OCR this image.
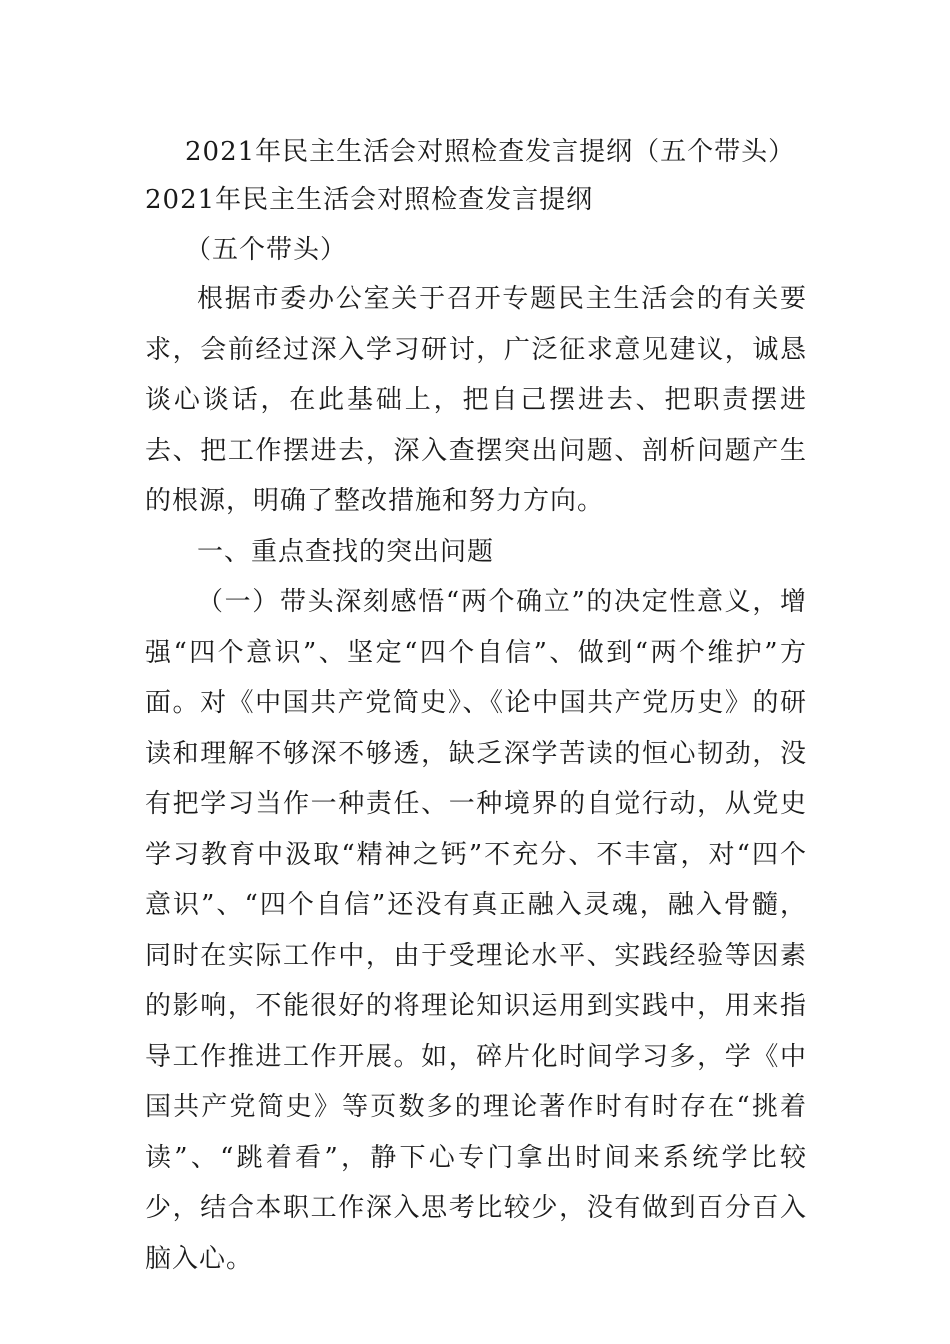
2021年民主生活会对照检查发言提纲（五个带头）

2021年民主生活会对照检查发言提纲

（五个带头）

根据市委办公室关于召开专题民主生活会的有关要求，会前经过深入学习研讨，广泛征求意见建议，诚恳谈心谈话，在此基础上，把自己摆进去、把职责摆进去、把工作摆进去，深入查摆突出问题、剖析问题产生的根源，明确了整改措施和努力方向。

一、重点查找的突出问题

（一）带头深刻感悟“两个确立”的决定性意义，增强“四个意识”、坚定“四个自信”、做到“两个维护”方面。对《中国共产党简史》、《论中国共产党历史》的研读和理解不够深不够透，缺乏深学苦读的恒心韧劲，没有把学习当作一种责任、一种境界的自觉行动，从党史 学习教育中汲取“精神之钙”不充分、不丰富，对“四个意识”、“四个自信”还没有真正融入灵魂，融入骨髓，同时在实际工作中，由于受理论水平、实践经验等因素的影响，不能很好的将理论知识运用到实践中，用来指导工作推进工作开展。如，碎片化时间学习多，学《中国共产党简史》等页数多的理论著作时有时存在“挑着读”、“跳着看”，静下心专门拿出时间来系统学比较少，结合本职工作深入思考比较少，没有做到百分百入脑入心。
